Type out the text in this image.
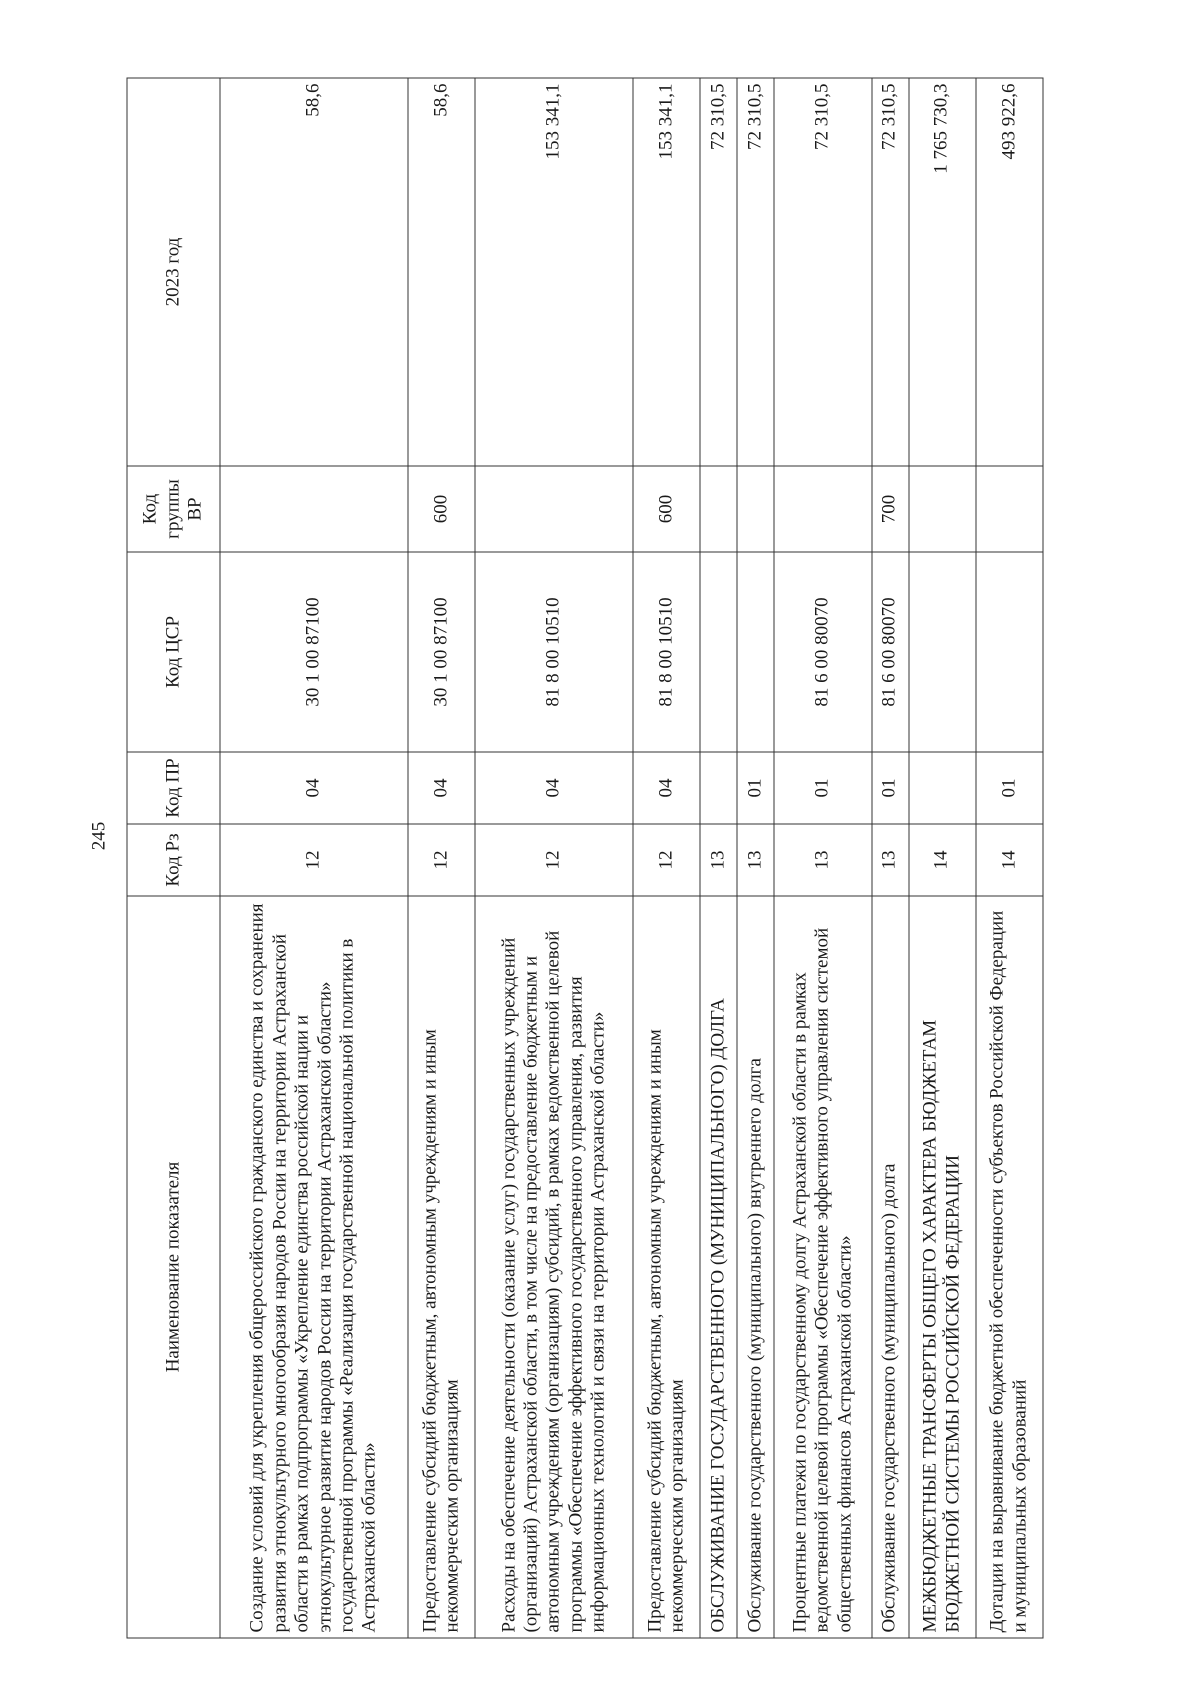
245
Наименование показателя	Код Рз	Код ПР	Код ЦСР	Код группы ВР	2023 год
Создание условий для укрепления общероссийского гражданского единства и сохранения развития этнокультурного многообразия народов России на территории Астраханской области в рамках подпрограммы «Укрепление единства российской нации и этнокультурное развитие народов России на территории Астраханской области» государственной программы «Реализация государственной национальной политики в Астраханской области»	12	04	30 1 00 87100		58,6
Предоставление субсидий бюджетным, автономным учреждениям и иным некоммерческим организациям	12	04	30 1 00 87100	600	58,6
Расходы на обеспечение деятельности (оказание услуг) государственных учреждений (организаций) Астраханской области, в том числе на предоставление бюджетным и автономным учреждениям (организациям) субсидий, в рамках ведомственной целевой программы «Обеспечение эффективного государственного управления, развития информационных технологий и связи на территории Астраханской области»	12	04	81 8 00 10510		153 341,1
Предоставление субсидий бюджетным, автономным учреждениям и иным некоммерческим организациям	12	04	81 8 00 10510	600	153 341,1
ОБСЛУЖИВАНИЕ ГОСУДАРСТВЕННОГО (МУНИЦИПАЛЬНОГО) ДОЛГА	13				72 310,5
Обслуживание государственного (муниципального) внутреннего долга	13	01			72 310,5
Процентные платежи по государственному долгу Астраханской области в рамках ведомственной целевой программы «Обеспечение эффективного управления системой общественных финансов Астраханской области»	13	01	81 6 00 80070		72 310,5
Обслуживание государственного (муниципального) долга	13	01	81 6 00 80070	700	72 310,5
МЕЖБЮДЖЕТНЫЕ ТРАНСФЕРТЫ ОБЩЕГО ХАРАКТЕРА БЮДЖЕТАМ БЮДЖЕТНОЙ СИСТЕМЫ РОССИЙСКОЙ ФЕДЕРАЦИИ	14				1 765 730,3
Дотации на выравнивание бюджетной обеспеченности субъектов Российской Федерации и муниципальных образований	14	01			493 922,6
